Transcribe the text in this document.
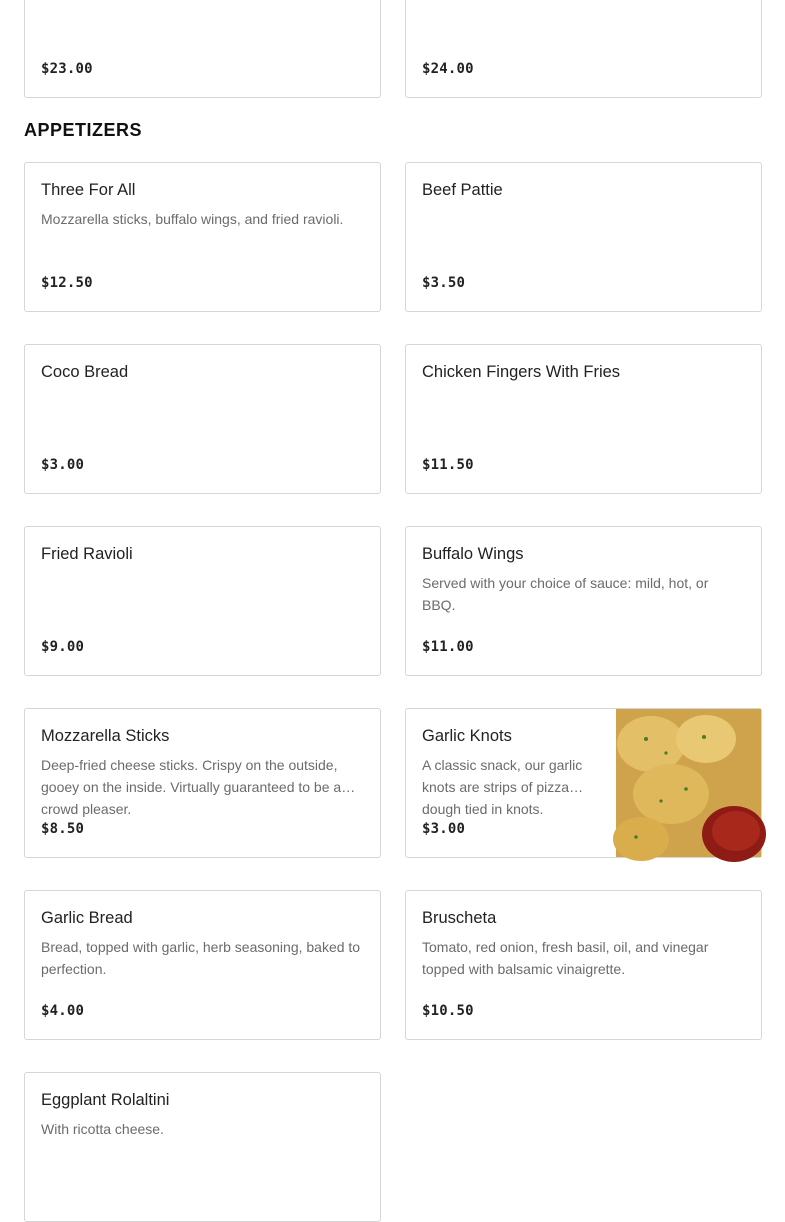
$23.00	$24.00
APPETIZERS
Three For All
Mozzarella sticks, buffalo wings, and fried ravioli.
$12.50
Beef Pattie
$3.50
Coco Bread
$3.00
Chicken Fingers With Fries
$11.50
Fried Ravioli
$9.00
Buffalo Wings
Served with your choice of sauce: mild, hot, or BBQ.
$11.00
Mozzarella Sticks
Deep-fried cheese sticks. Crispy on the outside, gooey on the inside. Virtually guaranteed to be a crowd pleaser.
$8.50
Garlic Knots
A classic snack, our garlic knots are strips of pizza dough tied in knots.
$3.00
Garlic Bread
Bread, topped with garlic, herb seasoning, baked to perfection.
$4.00
Bruscheta
Tomato, red onion, fresh basil, oil, and vinegar topped with balsamic vinaigrette.
$10.50
Eggplant Rolaltini
With ricotta cheese.
